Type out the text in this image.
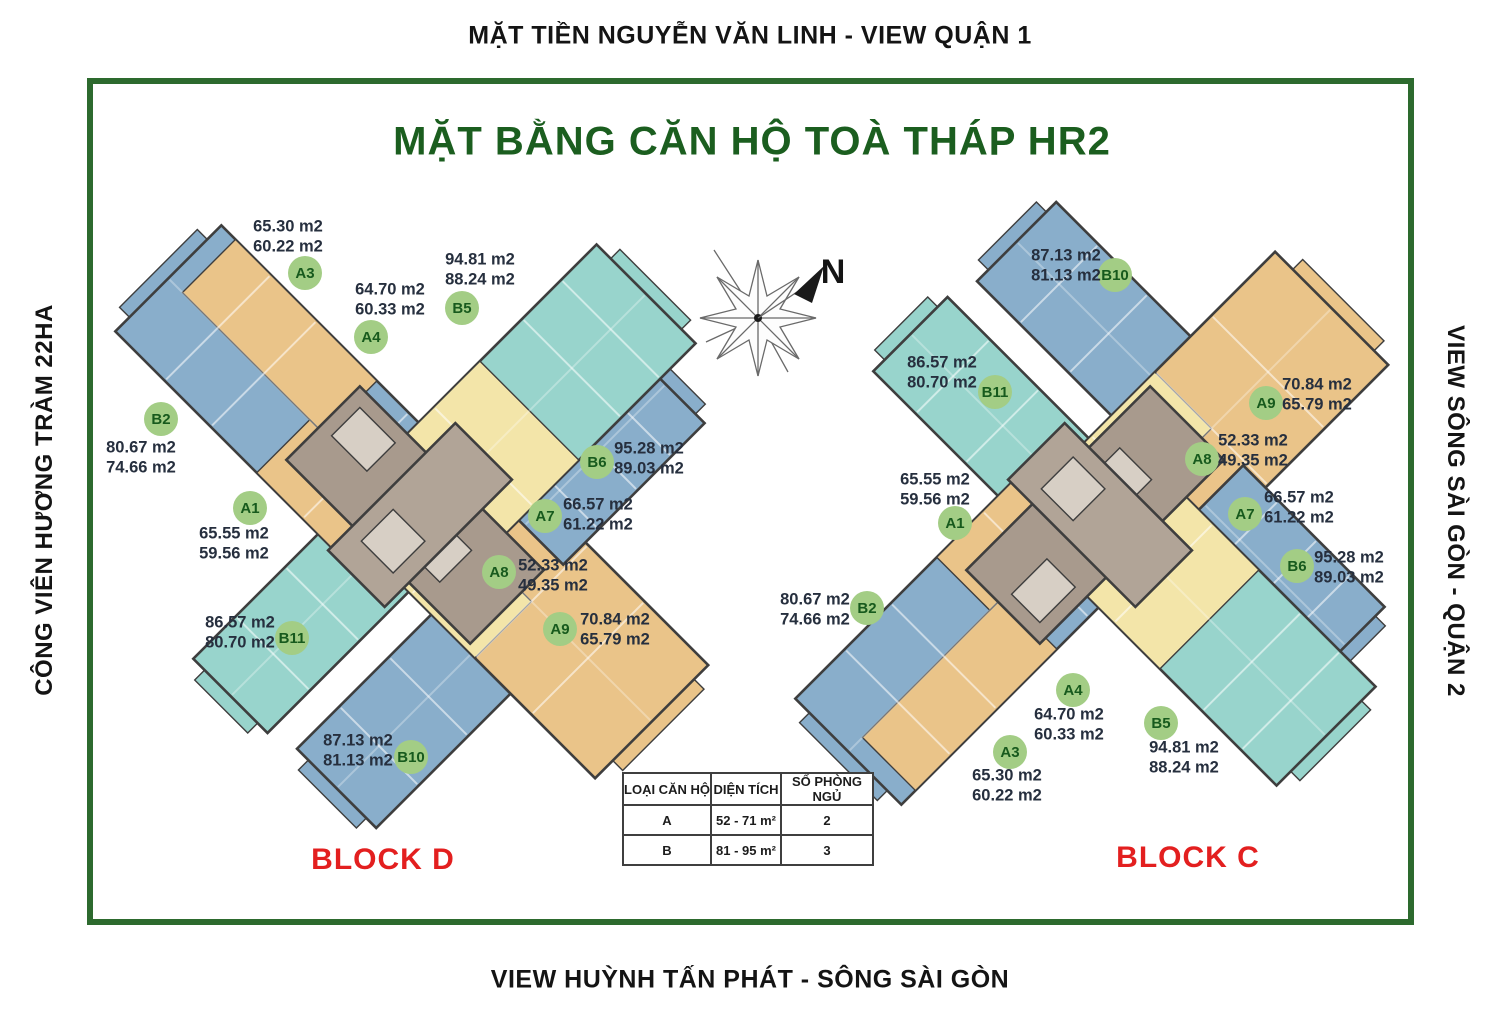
MẶT TIỀN NGUYỄN VĂN LINH - VIEW QUẬN 1
CÔNG VIÊN HƯƠNG TRÀM 22HA	VIEW SÔNG SÀI GÒN - QUẬN 2
VIEW HUỲNH TẤN PHÁT - SÔNG SÀI GÒN
MẶT BẰNG CĂN HỘ TOÀ THÁP HR2
N
A3
65.30 m2
60.22 m2
A4
64.70 m2
60.33 m2	B5
94.81 m2
88.24 m2
B2
80.67 m2
74.66 m2	B6
95.28 m2
89.03 m2
A1
65.55 m2
59.56 m2
A7
66.57 m2
61.22 m2
A8 52.33 m2
49.35 m2
A9
70.84 m2
65.79 m2
B11
86.57 m2
80.70 m2
B10
87.13 m2
81.13 m2
B10
87.13 m2
81.13 m2
B11
86.57 m2
80.70 m2
A9
70.84 m2
65.79 m2
A8
52.33 m2
49.35 m2
A1
65.55 m2
59.56 m2
A7
66.57 m2
61.22 m2
B6 95.28 m2
89.03 m2
B2
80.67 m2
74.66 m2
A4
64.70 m2
60.33 m2
A3
65.30 m2
60.22 m2
B5
94.81 m2
88.24 m2
BLOCK D	BLOCK C
LOẠI CĂN HỘ	DIỆN TÍCH	SỐ PHÒNG NGỦ
A	52 - 71 m²	2
B	81 - 95 m²	3
